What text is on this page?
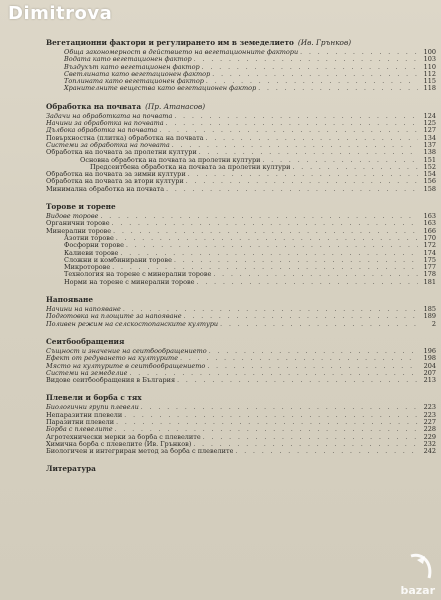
Dimitrova
Вегетационни фактори и регулирането им в земеделието (Ив. Грънков)
Обща закономерност в действието на вегетационните фактори . . .	100
Водата като вегетационен фактор . . .	103
Въздухът като вегетационен фактор . . .	110
Светлината като вегетационен фактор . . .	112
Топлината като вегетационен фактор . . .	115
Хранителните вещества като вегетационен фактор . . .	118
Обработка на почвата (Пр. Атанасов)
Задачи на обработката на почвата . . .	124
Начини за обработка на почвата . . .	125
Дълбока обработка на почвата . . .	127
Повърхностна (плитка) обработка на почвата . . .	134
Системи за обработка на почвата . . .	137
Обработка на почвата за пролетни култури . . .	138
Основна обработка на почвата за пролетни култури . . .	151
Предсеитбена обработка на почвата за пролетни култури . . .	152
Обработка на почвата за зимни култури . . .	154
Обработка на почвата за втори култури . . .	156
Минимална обработка на почвата . . .	158
Торове и торене
Видове торове . . .	163
Органични торове . . .	163
Минерални торове . . .	166
Азотни торове . . .	170
Фосфорни торове . . .	172
Калиеви торове . . .	174
Сложни и комбинирани торове . . .	175
Микроторове . . .	177
Технология на торене с минерални торове . . .	178
Норми на торене с минерални торове . . .	181
Напояване
Начини на напояване . . .	185
Подготовка на площите за напояване . . .	189
Поливен режим на селскостопанските култури . . .	2
Сеитбообращения
Същност и значение на сеитбообращението . . .	196
Ефект от редуването на културите . . .	198
Място на културите в сеитбообращението . . .	204
Системи на земеделие . . .	207
Видове сеитбообращения в България . . .	213
Плевели и борба с тях
Биологични групи плевели . . .	223
Непаразитни плевели . . .	223
Паразитни плевели . . .	227
Борба с плевелите . . .	228
Агротехнически мерки за борба с плевелите . . .	229
Химична борба с плевелите (Ив. Грънков) . . .	232
Биологичен и интегриран метод за борба с плевелите . . .	242
Литература
bazar
